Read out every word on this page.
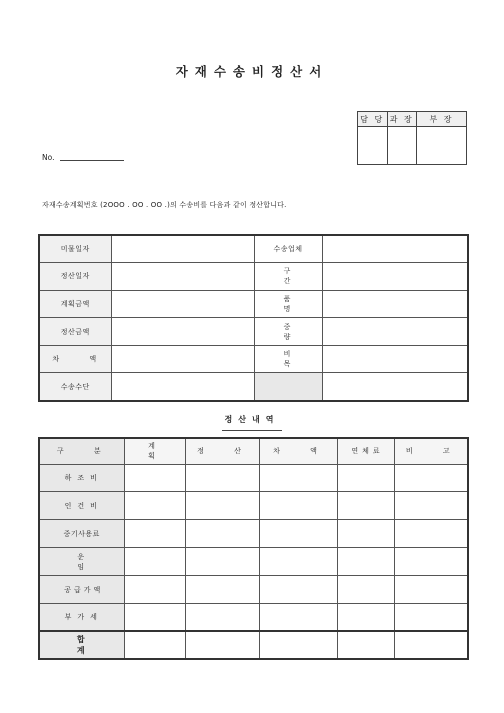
자재수송비정산서
담 당	과 장	부 장

No.
자재수송계획번호 (2OOO . OO . OO .)의 수송비를 다음과 같이 정산합니다.
미물일자		수송업체	
정산일자		구 간	
계획금액		품 명	
정산금액		중 량	
차 액		비 목	
수송수단			
정산내역
구 분	계 획	정 산	차 액	연체료	비 고
하조비					
인건비					
중기사용료					
운 임					
공급가액					
부가세					
합 계					
